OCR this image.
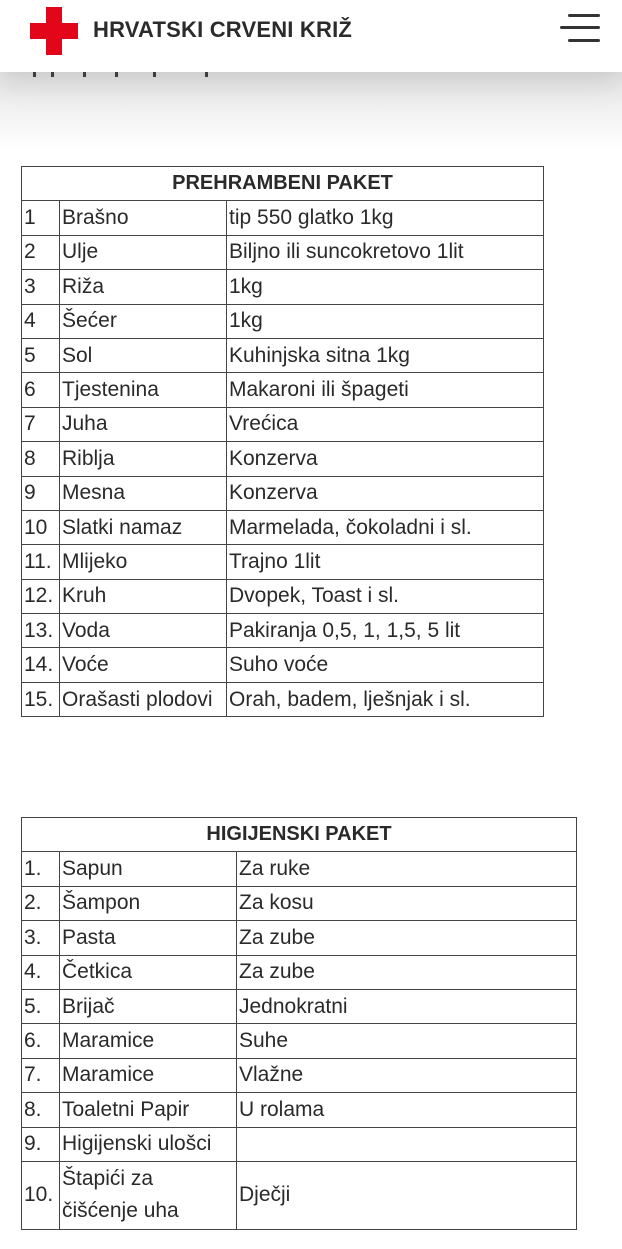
HRVATSKI CRVENI KRIŽ
PREHRAMBENI PAKET		
1	Brašno	tip 550 glatko 1kg
2	Ulje	Biljno ili suncokretovo 1lit
3	Riža	1kg
4	Šećer	1kg
5	Sol	Kuhinjska sitna 1kg
6	Tjestenina	Makaroni ili špageti
7	Juha	Vrećica
8	Riblja	Konzerva
9	Mesna	Konzerva
10	Slatki namaz	Marmelada, čokoladni i sl.
11.	Mlijeko	Trajno 1lit
12.	Kruh	Dvopek, Toast i sl.
13.	Voda	Pakiranja 0,5, 1, 1,5, 5 lit
14.	Voće	Suho voće
15.	Orašasti plodovi	Orah, badem, lješnjak i sl.
HIGIJENSKI PAKET		
1.	Sapun	Za ruke
2.	Šampon	Za kosu
3.	Pasta	Za zube
4.	Četkica	Za zube
5.	Brijač	Jednokratni
6.	Maramice	Suhe
7.	Maramice	Vlažne
8.	Toaletni Papir	U rolama
9.	Higijenski ulošci	
10.	Štapići za čišćenje uha	Dječji
